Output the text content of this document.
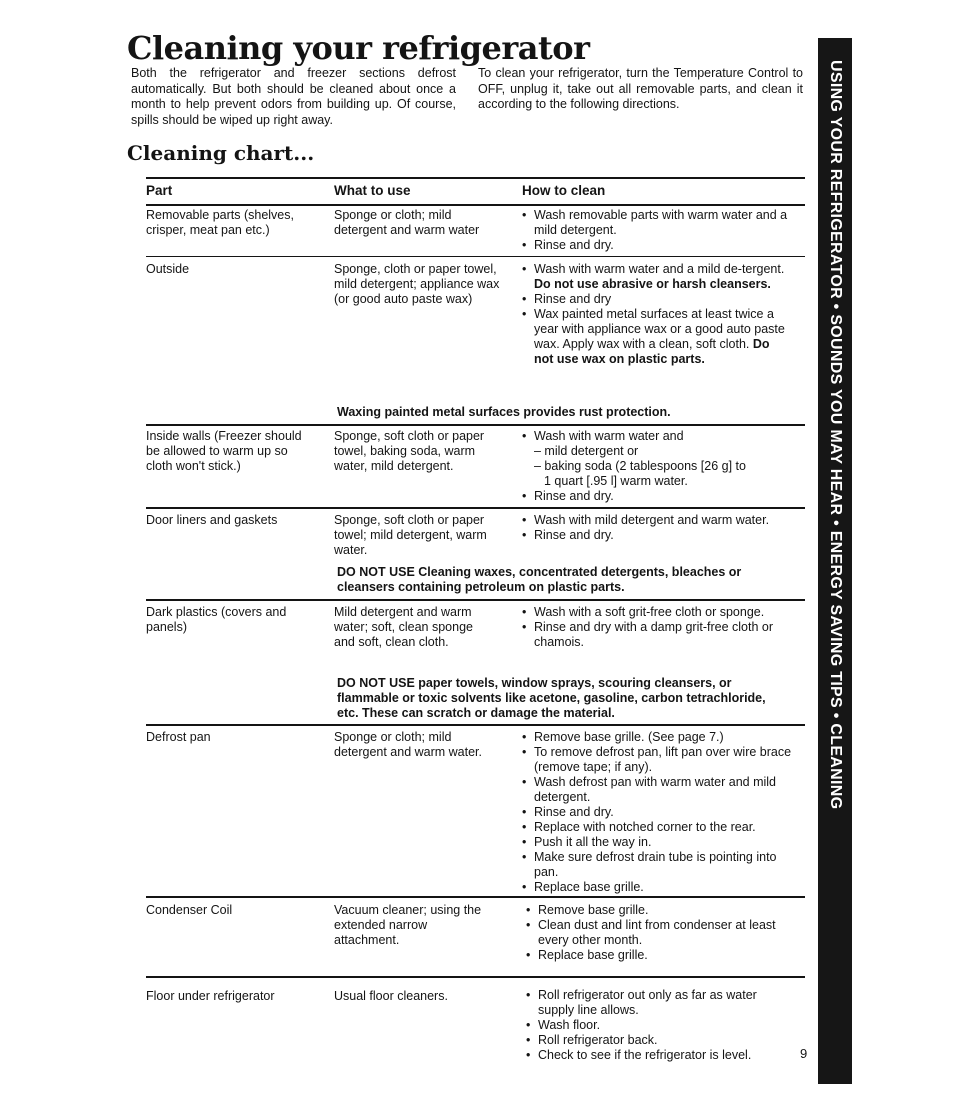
Cleaning your refrigerator
Both the refrigerator and freezer sections defrost automatically. But both should be cleaned about once a month to help prevent odors from building up. Of course, spills should be wiped up right away.
To clean your refrigerator, turn the Temperature Control to OFF, unplug it, take out all removable parts, and clean it according to the following directions.
Cleaning chart...
Part	What to use	How to clean
Removable parts (shelves, crisper, meat pan etc.)
Sponge or cloth; mild detergent and warm water
• Wash removable parts with warm water and a mild detergent.
• Rinse and dry.
Outside	Sponge, cloth or paper towel, mild detergent; appliance wax (or good auto paste wax)
• Wash with warm water and a mild de-tergent. Do not use abrasive or harsh cleansers.
• Rinse and dry
• Wax painted metal surfaces at least twice a year with appliance wax or a good auto paste wax. Apply wax with a clean, soft cloth. Do not use wax on plastic parts.
Waxing painted metal surfaces provides rust protection.
Inside walls (Freezer should be allowed to warm up so cloth won't stick.)
Sponge, soft cloth or paper towel, baking soda, warm water, mild detergent.
• Wash with warm water and
– mild detergent or
– baking soda (2 tablespoons [26 g] to
1 quart [.95 l] warm water.
• Rinse and dry.
Door liners and gaskets	Sponge, soft cloth or paper towel; mild detergent, warm water.
• Wash with mild detergent and warm water.
• Rinse and dry.
DO NOT USE Cleaning waxes, concentrated detergents, bleaches or cleansers containing petroleum on plastic parts.
Dark plastics (covers and panels)
Mild detergent and warm water; soft, clean sponge and soft, clean cloth.
• Wash with a soft grit-free cloth or sponge.
• Rinse and dry with a damp grit-free cloth or chamois.
DO NOT USE paper towels, window sprays, scouring cleansers, or flammable or toxic solvents like acetone, gasoline, carbon tetrachloride, etc. These can scratch or damage the material.
Defrost pan	Sponge or cloth; mild detergent and warm water.
• Remove base grille. (See page 7.)
• To remove defrost pan, lift pan over wire brace (remove tape; if any).
• Wash defrost pan with warm water and mild detergent.
• Rinse and dry.
• Replace with notched corner to the rear.
• Push it all the way in.
• Make sure defrost drain tube is pointing into pan.
• Replace base grille.
Condenser Coil	Vacuum cleaner; using the extended narrow attachment.
• Remove base grille.
• Clean dust and lint from condenser at least every other month.
• Replace base grille.
Floor under refrigerator	Usual floor cleaners.
•	Roll refrigerator out only as far as water supply line allows.
• Wash floor.
• Roll refrigerator back.
• Check to see if the refrigerator is level.
USING YOUR REFRIGERATOR • SOUNDS YOU MAY HEAR • ENERGY SAVING TIPS • CLEANING
9
